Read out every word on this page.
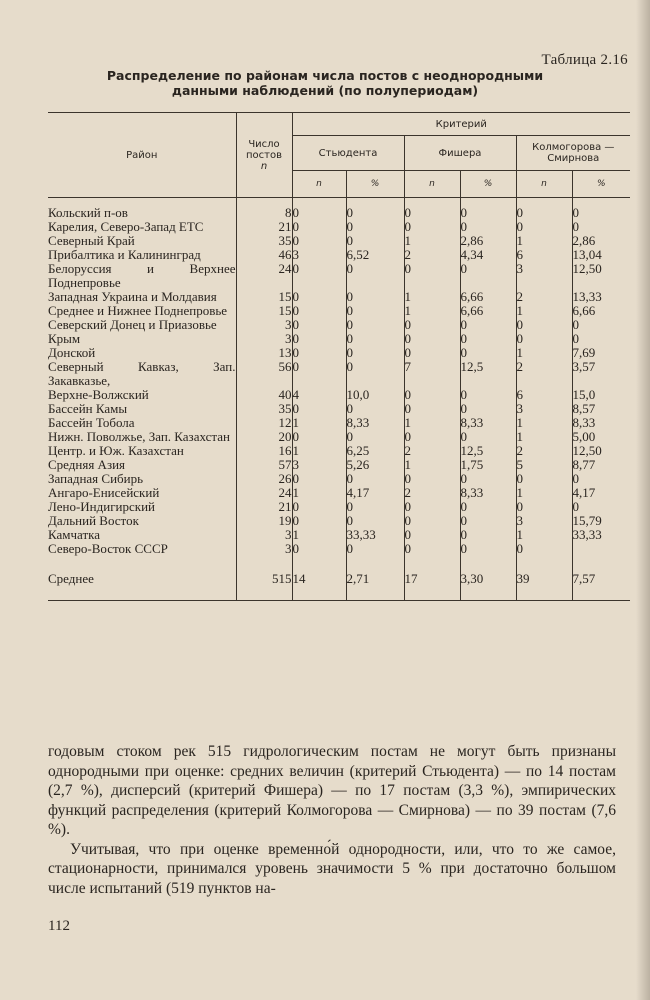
Таблица 2.16
Распределение по районам числа постов с неоднородными
данными наблюдений (по полупериодам)
Район	Число
постов
n	Критерий					
		Стьюдента		Фишера		Колмогорова —
Смирнова	

		n	%	n	%	n	%

Кольский п-ов	8	0	0	0	0	0	0
Карелия, Северо-Запад ЕТС	21	0	0	0	0	0	0
Северный Край	35	0	0	1	2,86	1	2,86
Прибалтика и Калининград	46	3	6,52	2	4,34	6	13,04
Белоруссия и Верхнее Поднепровье	24	0	0	0	0	3	12,50
Западная Украина и Молдавия	15	0	0	1	6,66	2	13,33
Среднее и Нижнее Поднепровье	15	0	0	1	6,66	1	6,66
Северский Донец и Приазовье	3	0	0	0	0	0	0
Крым	3	0	0	0	0	0	0
Донской	13	0	0	0	0	1	7,69
Северный Кавказ, Зап. Закавказье,	56	0	0	7	12,5	2	3,57
Верхне-Волжский	40	4	10,0	0	0	6	15,0
Бассейн Камы	35	0	0	0	0	3	8,57
Бассейн Тобола	12	1	8,33	1	8,33	1	8,33
Нижн. Поволжье, Зап. Казахстан	20	0	0	0	0	1	5,00
Центр. и Юж. Казахстан	16	1	6,25	2	12,5	2	12,50
Средняя Азия	57	3	5,26	1	1,75	5	8,77
Западная Сибирь	26	0	0	0	0	0	0
Ангаро-Енисейский	24	1	4,17	2	8,33	1	4,17
Лено-Индигирский	21	0	0	0	0	0	0
Дальний Восток	19	0	0	0	0	3	15,79
Камчатка	3	1	33,33	0	0	1	33,33
Северо-Восток СССР	3	0	0	0	0	0	

Среднее	515	14	2,71	17	3,30	39	7,57

годовым стоком рек 515 гидрологическим постам не могут быть признаны однородными при оценке: средних величин (критерий Стьюдента) — по 14 постам (2,7 %), дисперсий (критерий Фишера) — по 17 постам (3,3 %), эмпирических функций распределения (критерий Колмогорова — Смирнова) — по 39 постам (7,6 %).

Учитывая, что при оценке временно́й однородности, или, что то же самое, стационарности, принимался уровень значимости 5 % при достаточно большом числе испытаний (519 пунктов на-

112
